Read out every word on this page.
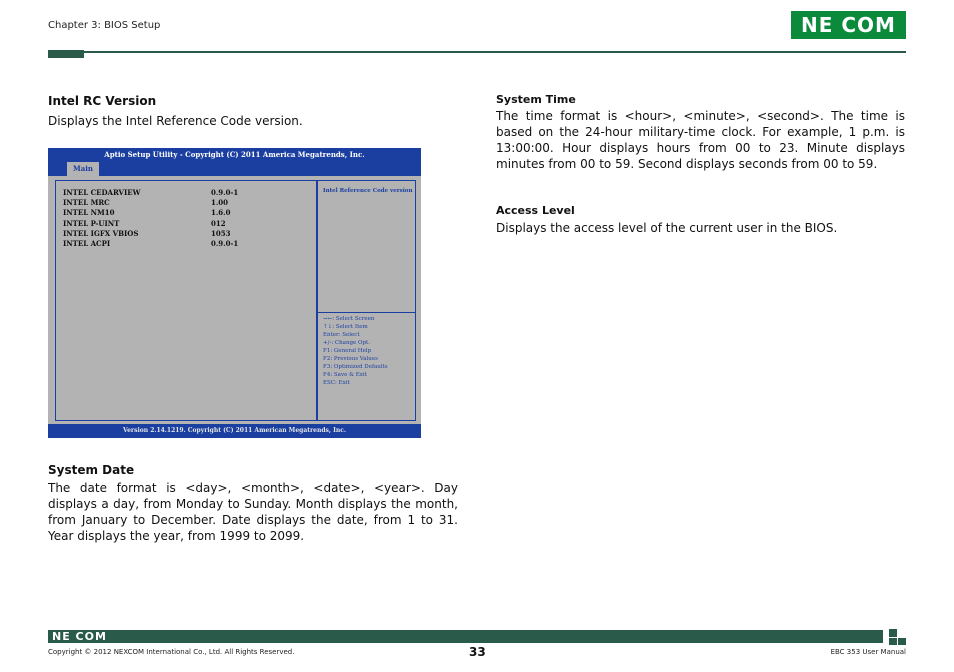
Chapter 3: BIOS Setup	NE COM
Intel RC Version
Displays the Intel Reference Code version.
Aptio Setup Utility - Copyright (C) 2011 America Megatrends, Inc.
Main
INTEL CEDARVIEW	0.9.0-1
INTEL MRC	1.00
INTEL NM10	1.6.0
INTEL P-UINT	012
INTEL IGFX VBIOS	1053
INTEL ACPI	0.9.0-1
Intel Reference Code version
→←: Select Screen
↑↓: Select Item
Enter: Select
+/-: Change Opt.
F1: General Help
F2: Previous Values
F3: Optimized Defaults
F4: Save & Exit
ESC: Exit
Version 2.14.1219. Copyright (C) 2011 American Megatrends, Inc.
System Date
The date format is <day>, <month>, <date>, <year>. Day displays a day, from Monday to Sunday. Month displays the month, from January to December. Date displays the date, from 1 to 31. Year displays the year, from 1999 to 2099.
System Time
The time format is <hour>, <minute>, <second>. The time is based on the 24-hour military-time clock. For example, 1 p.m. is 13:00:00. Hour displays hours from 00 to 23. Minute displays minutes from 00 to 59. Second displays seconds from 00 to 59.
Access Level
Displays the access level of the current user in the BIOS.
NE COM
Copyright © 2012 NEXCOM International Co., Ltd. All Rights Reserved.	33	EBC 353 User Manual
